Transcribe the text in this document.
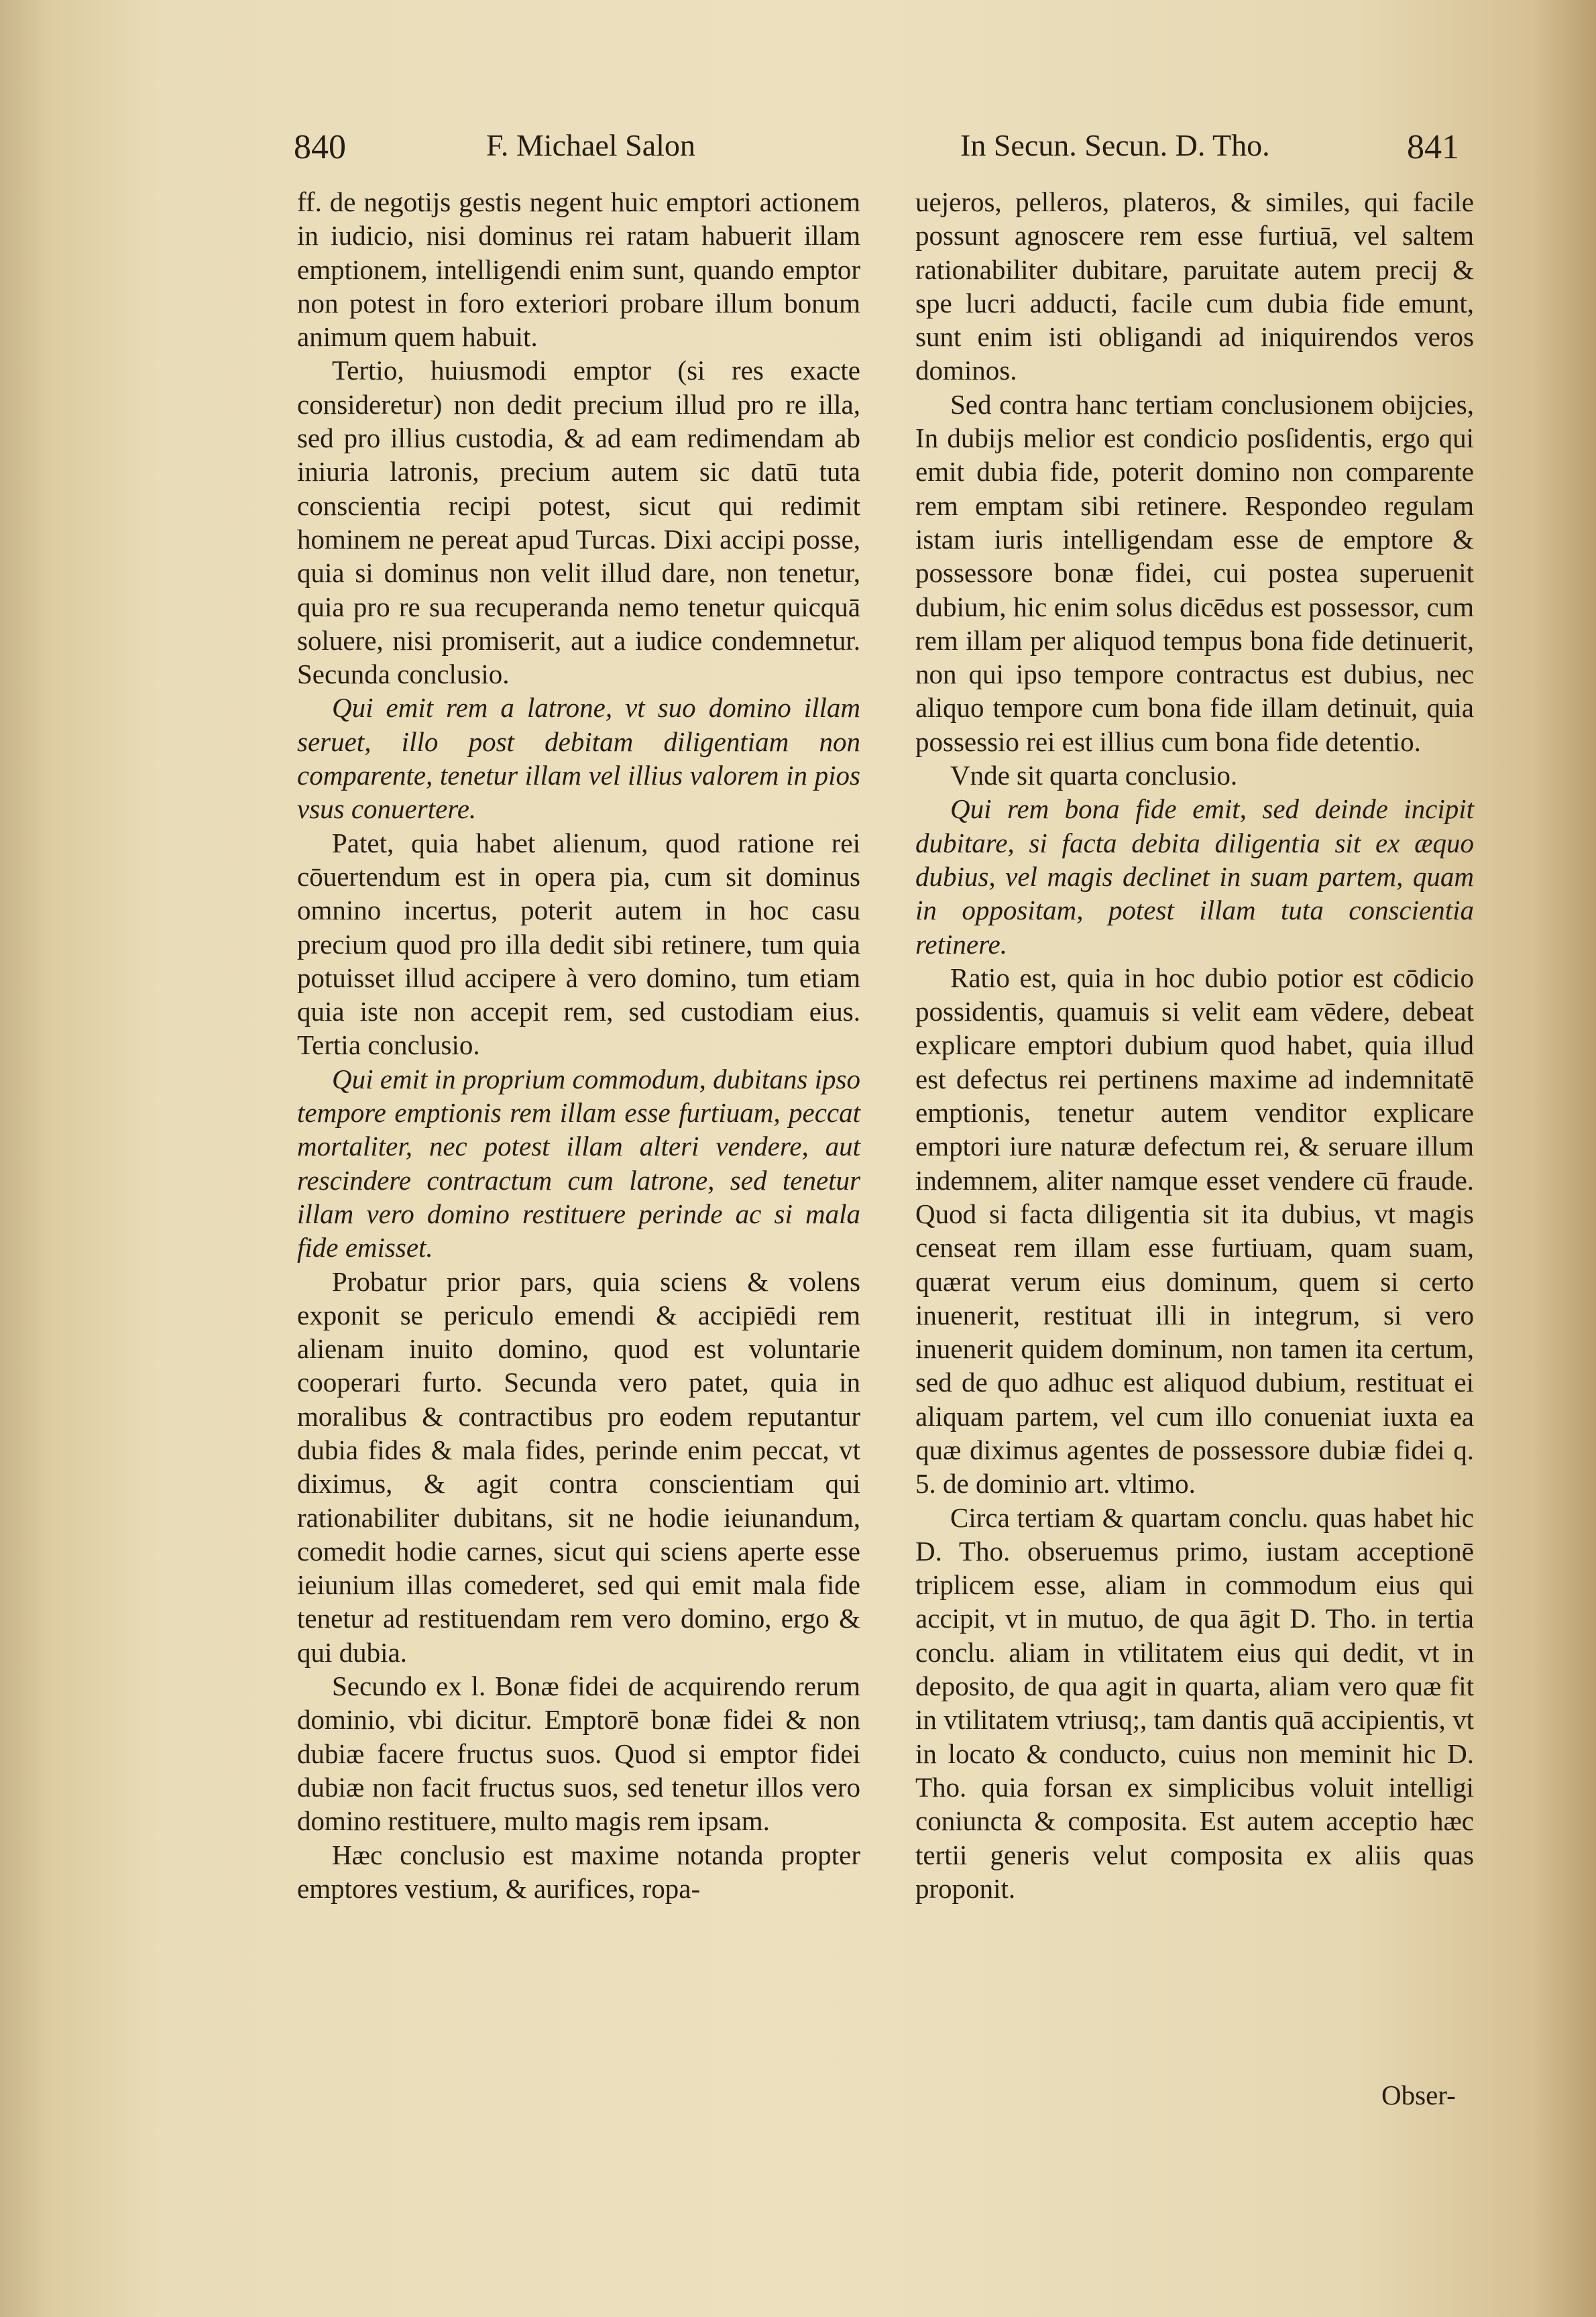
840	F. Michael Salon	In Secun. Secun. D. Tho.	841

ff. de negotijs gestis negent huic emptori actionem in iudicio, nisi dominus rei ratam habuerit illam emptionem, intelligendi enim sunt, quando emptor non potest in foro exteriori probare illum bonum animum quem habuit.

Tertio, huiusmodi emptor (si res exacte consideretur) non dedit precium illud pro re illa, sed pro illius custodia, & ad eam redimendam ab iniuria latronis, precium autem sic datū tuta conscientia recipi potest, sicut qui redimit hominem ne pereat apud Turcas. Dixi accipi posse, quia si dominus non velit illud dare, non tenetur, quia pro re sua recuperanda nemo tenetur quicquā soluere, nisi promiserit, aut a iudice condemnetur. Secunda conclusio.

Qui emit rem a latrone, vt suo domino illam seruet, illo post debitam diligentiam non comparente, tenetur illam vel illius valorem in pios vsus conuertere.

Patet, quia habet alienum, quod ratione rei cōuertendum est in opera pia, cum sit dominus omnino incertus, poterit autem in hoc casu precium quod pro illa dedit sibi retinere, tum quia potuisset illud accipere à vero domino, tum etiam quia iste non accepit rem, sed custodiam eius. Tertia conclusio.

Qui emit in proprium commodum, dubitans ipso tempore emptionis rem illam esse furtiuam, peccat mortaliter, nec potest illam alteri vendere, aut rescindere contractum cum latrone, sed tenetur illam vero domino restituere perinde ac si mala fide emisset.

Probatur prior pars, quia sciens & volens exponit se periculo emendi & accipiēdi rem alienam inuito domino, quod est voluntarie cooperari furto. Secunda vero patet, quia in moralibus & contractibus pro eodem reputantur dubia fides & mala fides, perinde enim peccat, vt diximus, & agit contra conscientiam qui rationabiliter dubitans, sit ne hodie ieiunandum, comedit hodie carnes, sicut qui sciens aperte esse ieiunium illas comederet, sed qui emit mala fide tenetur ad restituendam rem vero domino, ergo & qui dubia.

Secundo ex l. Bonæ fidei de acquirendo rerum dominio, vbi dicitur. Emptorē bonæ fidei & non dubiæ facere fructus suos. Quod si emptor fidei dubiæ non facit fructus suos, sed tenetur illos vero domino restituere, multo magis rem ipsam.

Hæc conclusio est maxime notanda propter emptores vestium, & aurifices, ropa-

uejeros, pelleros, plateros, & similes, qui facile possunt agnoscere rem esse furtiuā, vel saltem rationabiliter dubitare, paruitate autem precij & spe lucri adducti, facile cum dubia fide emunt, sunt enim isti obligandi ad iniquirendos veros dominos.

Sed contra hanc tertiam conclusionem obijcies, In dubijs melior est condicio posſidentis, ergo qui emit dubia fide, poterit domino non comparente rem emptam sibi retinere. Respondeo regulam istam iuris intelligendam esse de emptore & possessore bonæ fidei, cui postea superuenit dubium, hic enim solus dicēdus est possessor, cum rem illam per aliquod tempus bona fide detinuerit, non qui ipso tempore contractus est dubius, nec aliquo tempore cum bona fide illam detinuit, quia possessio rei est illius cum bona fide detentio.

Vnde sit quarta conclusio.

Qui rem bona fide emit, sed deinde incipit dubitare, si facta debita diligentia sit ex æquo dubius, vel magis declinet in suam partem, quam in oppositam, potest illam tuta conscientia retinere.

Ratio est, quia in hoc dubio potior est cōdicio possidentis, quamuis si velit eam vēdere, debeat explicare emptori dubium quod habet, quia illud est defectus rei pertinens maxime ad indemnitatē emptionis, tenetur autem venditor explicare emptori iure naturæ defectum rei, & seruare illum indemnem, aliter namque esset vendere cū fraude. Quod si facta diligentia sit ita dubius, vt magis censeat rem illam esse furtiuam, quam suam, quærat verum eius dominum, quem si certo inuenerit, restituat illi in integrum, si vero inuenerit quidem dominum, non tamen ita certum, sed de quo adhuc est aliquod dubium, restituat ei aliquam partem, vel cum illo conueniat iuxta ea quæ diximus agentes de possessore dubiæ fidei q. 5. de dominio art. vltimo.

Circa tertiam & quartam conclu. quas habet hic D. Tho. obseruemus primo, iustam acceptionē triplicem esse, aliam in commodum eius qui accipit, vt in mutuo, de qua āgit D. Tho. in tertia conclu. aliam in vtilitatem eius qui dedit, vt in deposito, de qua agit in quarta, aliam vero quæ fit in vtilitatem vtriusq;, tam dantis quā accipientis, vt in locato & conducto, cuius non meminit hic D. Tho. quia forsan ex simplicibus voluit intelligi coniuncta & composita. Est autem acceptio hæc tertii generis velut composita ex aliis quas proponit.

Obser-
